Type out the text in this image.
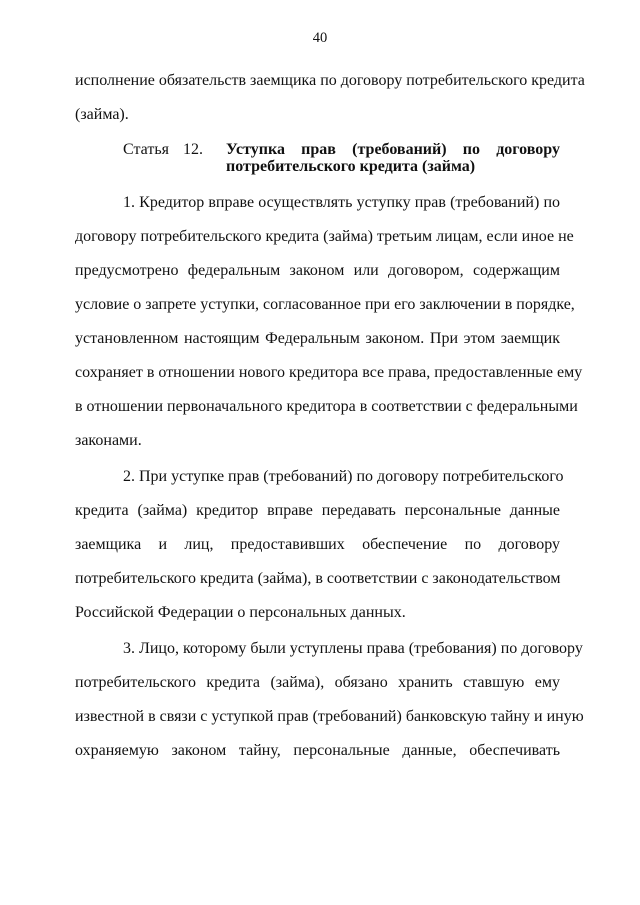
40
исполнение обязательств заемщика по договору потребительского кредита
(займа).
Статья 12. Уступка прав (требований) по договору
потребительского кредита (займа)
1. Кредитор вправе осуществлять уступку прав (требований) по
договору потребительского кредита (займа) третьим лицам, если иное не
предусмотрено федеральным законом или договором, содержащим
условие о запрете уступки, согласованное при его заключении в порядке,
установленном настоящим Федеральным законом. При этом заемщик
сохраняет в отношении нового кредитора все права, предоставленные ему
в отношении первоначального кредитора в соответствии с федеральными
законами.
2. При уступке прав (требований) по договору потребительского
кредита (займа) кредитор вправе передавать персональные данные
заемщика и лиц, предоставивших обеспечение по договору
потребительского кредита (займа), в соответствии с законодательством
Российской Федерации о персональных данных.
3. Лицо, которому были уступлены права (требования) по договору
потребительского кредита (займа), обязано хранить ставшую ему
известной в связи с уступкой прав (требований) банковскую тайну и иную
охраняемую законом тайну, персональные данные, обеспечивать
